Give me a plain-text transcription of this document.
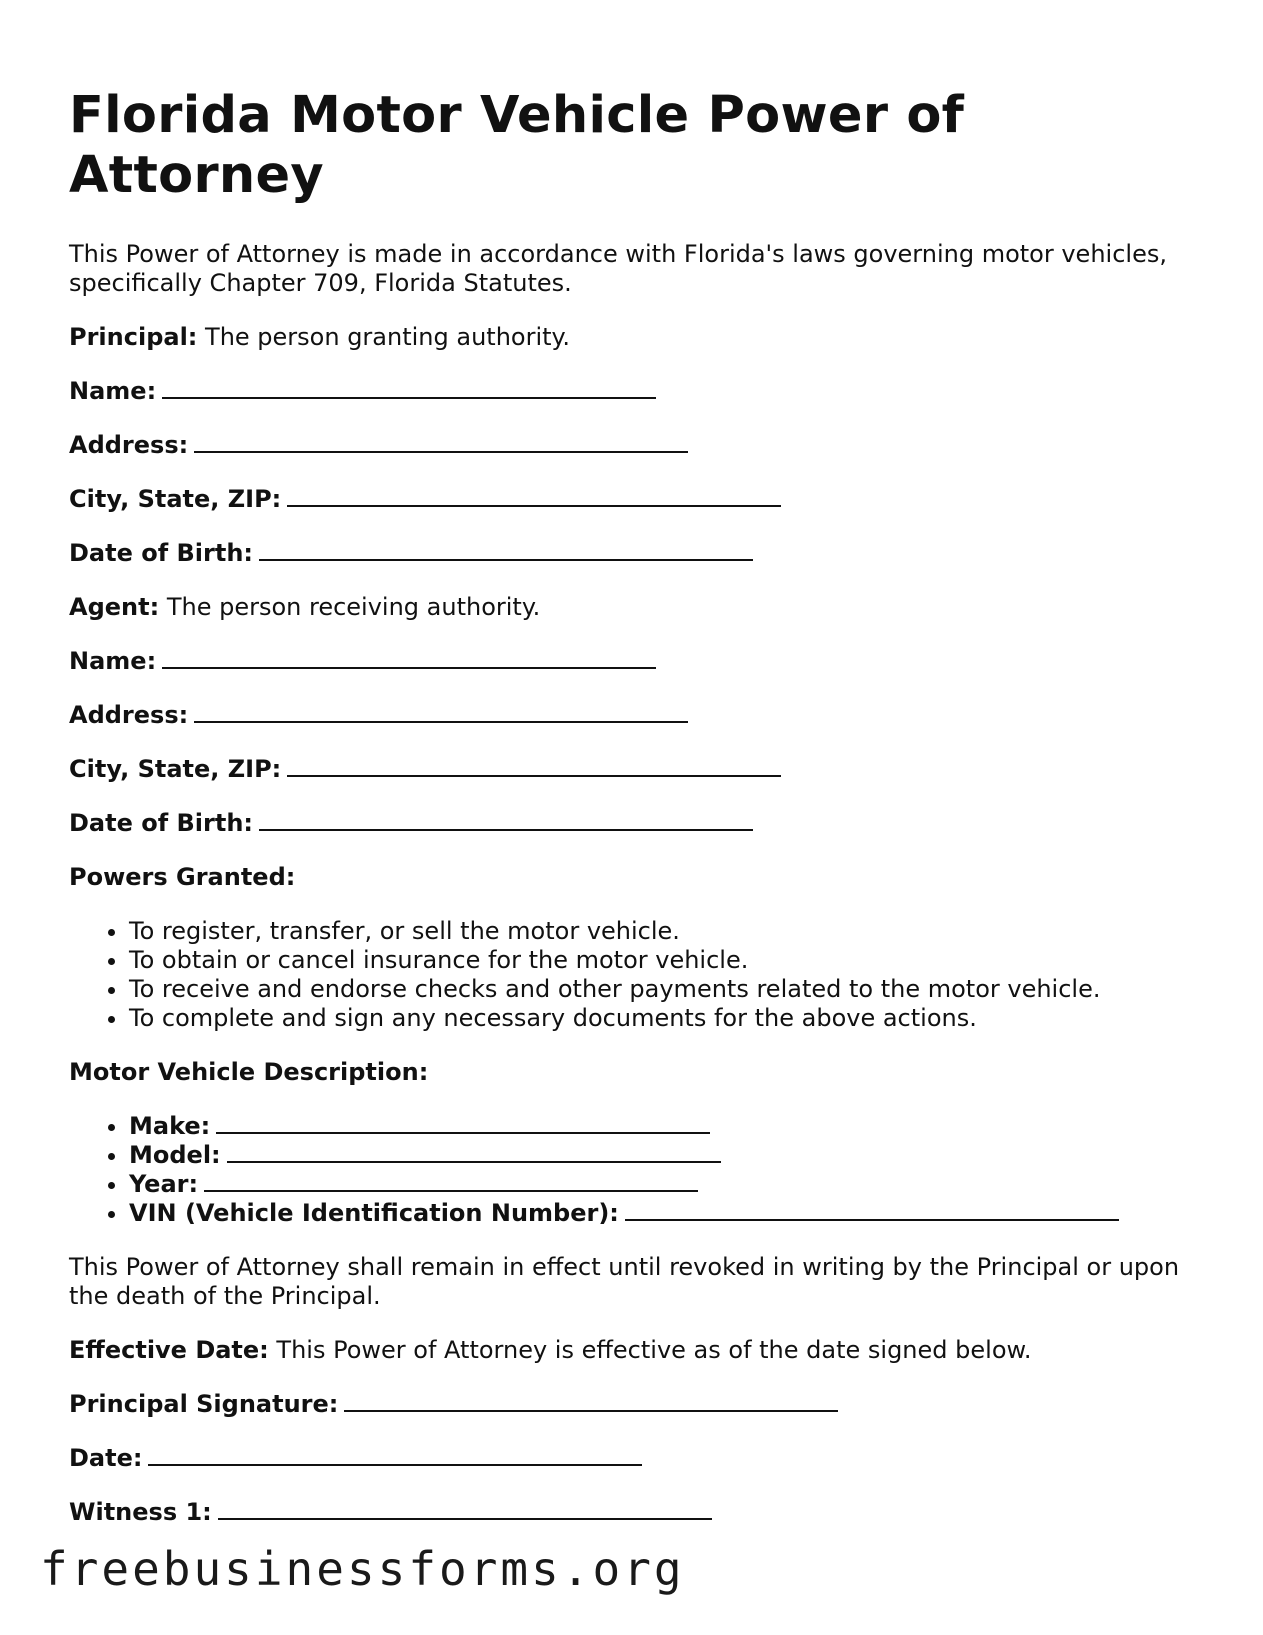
Florida Motor Vehicle Power of Attorney

This Power of Attorney is made in accordance with Florida's laws governing motor vehicles, specifically Chapter 709, Florida Statutes.

Principal: The person granting authority.

Name:

Address:

City, State, ZIP:

Date of Birth:

Agent: The person receiving authority.

Name:

Address:

City, State, ZIP:

Date of Birth:

Powers Granted:

• To register, transfer, or sell the motor vehicle.
• To obtain or cancel insurance for the motor vehicle.
• To receive and endorse checks and other payments related to the motor vehicle.
• To complete and sign any necessary documents for the above actions.

Motor Vehicle Description:

• Make:
• Model:
• Year:
• VIN (Vehicle Identification Number):

This Power of Attorney shall remain in effect until revoked in writing by the Principal or upon the death of the Principal.

Effective Date: This Power of Attorney is effective as of the date signed below.

Principal Signature:

Date:

Witness 1:

freebusinessforms.org
